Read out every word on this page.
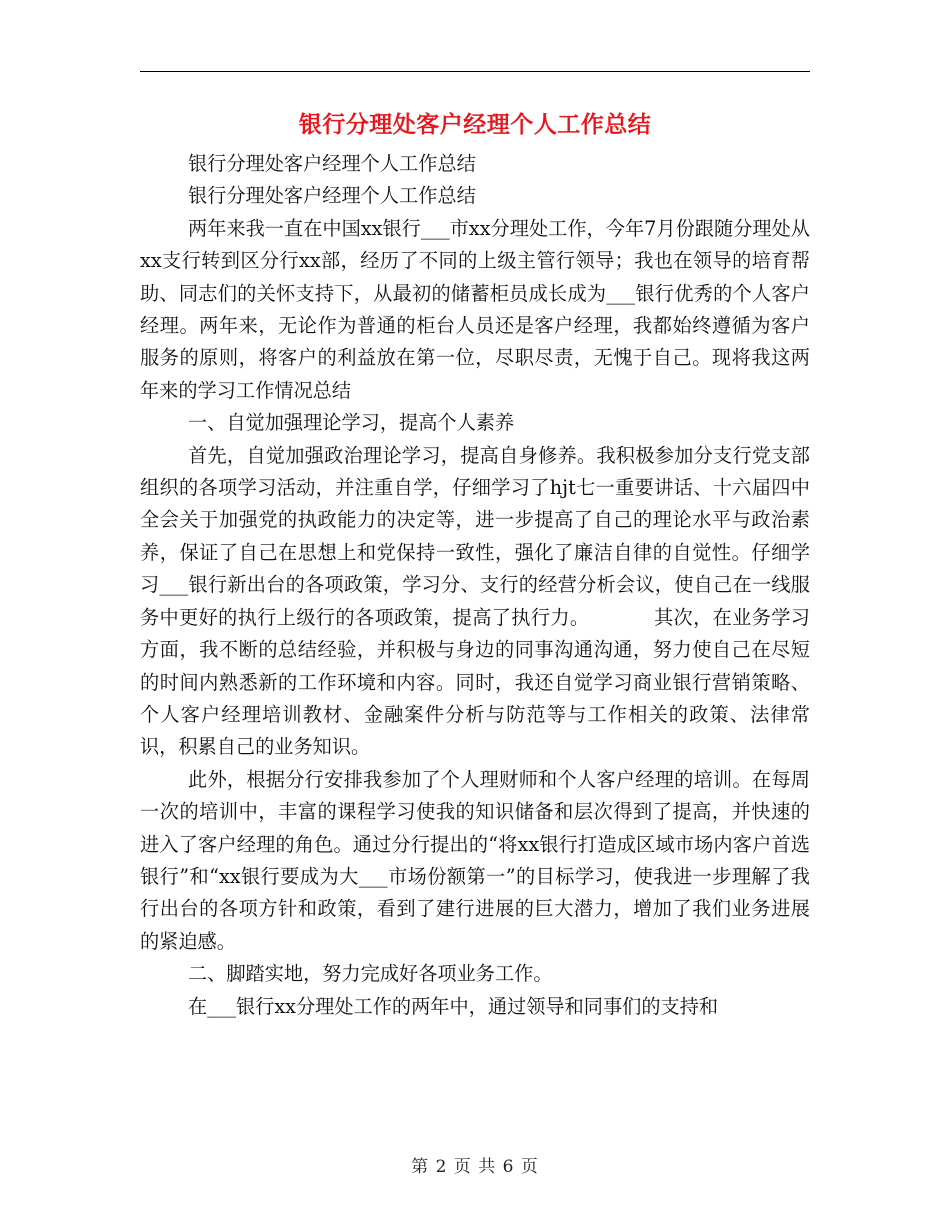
银行分理处客户经理个人工作总结

银行分理处客户经理个人工作总结

银行分理处客户经理个人工作总结

两年来我一直在中国xx银行___市xx分理处工作，今年7月份跟随分理处从xx支行转到区分行xx部，经历了不同的上级主管行领导；我也在领导的培育帮助、同志们的关怀支持下，从最初的储蓄柜员成长成为___银行优秀的个人客户经理。两年来，无论作为普通的柜台人员还是客户经理，我都始终遵循为客户服务的原则，将客户的利益放在第一位，尽职尽责，无愧于自己。现将我这两年来的学习工作情况总结

一、自觉加强理论学习，提高个人素养

首先，自觉加强政治理论学习，提高自身修养。我积极参加分支行党支部组织的各项学习活动，并注重自学，仔细学习了hjt七一重要讲话、十六届四中全会关于加强党的执政能力的决定等，进一步提高了自己的理论水平与政治素养，保证了自己在思想上和党保持一致性，强化了廉洁自律的自觉性。仔细学习___银行新出台的各项政策，学习分、支行的经营分析会议，使自己在一线服务中更好的执行上级行的各项政策，提高了执行力。          其次，在业务学习方面，我不断的总结经验，并积极与身边的同事沟通沟通，努力使自己在尽短的时间内熟悉新的工作环境和内容。同时，我还自觉学习商业银行营销策略、个人客户经理培训教材、金融案件分析与防范等与工作相关的政策、法律常识，积累自己的业务知识。

此外，根据分行安排我参加了个人理财师和个人客户经理的培训。在每周一次的培训中，丰富的课程学习使我的知识储备和层次得到了提高，并快速的进入了客户经理的角色。通过分行提出的“将xx银行打造成区域市场内客户首选银行”和“xx银行要成为大___市场份额第一”的目标学习，使我进一步理解了我行出台的各项方针和政策，看到了建行进展的巨大潜力，增加了我们业务进展的紧迫感。

二、脚踏实地，努力完成好各项业务工作。

在___银行xx分理处工作的两年中，通过领导和同事们的支持和

第 2 页 共 6 页
